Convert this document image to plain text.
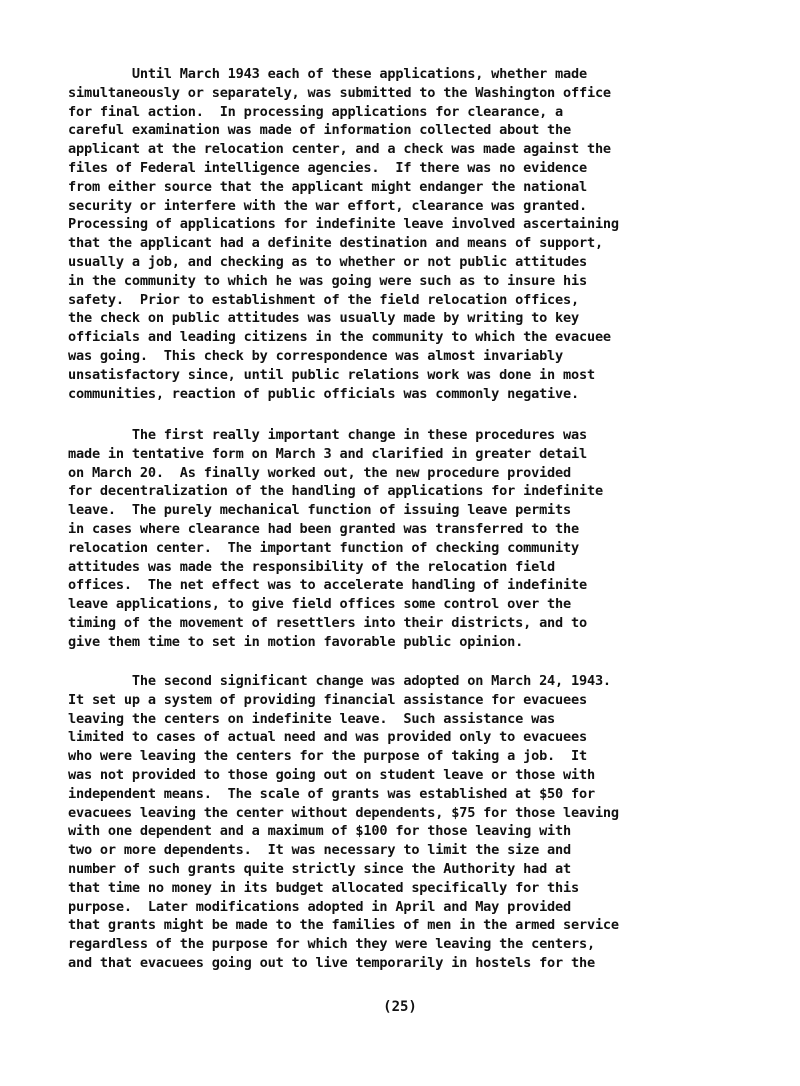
Until March 1943 each of these applications, whether made
simultaneously or separately, was submitted to the Washington office
for final action.  In processing applications for clearance, a
careful examination was made of information collected about the
applicant at the relocation center, and a check was made against the
files of Federal intelligence agencies.  If there was no evidence
from either source that the applicant might endanger the national
security or interfere with the war effort, clearance was granted.
Processing of applications for indefinite leave involved ascertaining
that the applicant had a definite destination and means of support,
usually a job, and checking as to whether or not public attitudes
in the community to which he was going were such as to insure his
safety.  Prior to establishment of the field relocation offices,
the check on public attitudes was usually made by writing to key
officials and leading citizens in the community to which the evacuee
was going.  This check by correspondence was almost invariably
unsatisfactory since, until public relations work was done in most
communities, reaction of public officials was commonly negative.
The first really important change in these procedures was
made in tentative form on March 3 and clarified in greater detail
on March 20.  As finally worked out, the new procedure provided
for decentralization of the handling of applications for indefinite
leave.  The purely mechanical function of issuing leave permits
in cases where clearance had been granted was transferred to the
relocation center.  The important function of checking community
attitudes was made the responsibility of the relocation field
offices.  The net effect was to accelerate handling of indefinite
leave applications, to give field offices some control over the
timing of the movement of resettlers into their districts, and to
give them time to set in motion favorable public opinion.
The second significant change was adopted on March 24, 1943.
It set up a system of providing financial assistance for evacuees
leaving the centers on indefinite leave.  Such assistance was
limited to cases of actual need and was provided only to evacuees
who were leaving the centers for the purpose of taking a job.  It
was not provided to those going out on student leave or those with
independent means.  The scale of grants was established at $50 for
evacuees leaving the center without dependents, $75 for those leaving
with one dependent and a maximum of $100 for those leaving with
two or more dependents.  It was necessary to limit the size and
number of such grants quite strictly since the Authority had at
that time no money in its budget allocated specifically for this
purpose.  Later modifications adopted in April and May provided
that grants might be made to the families of men in the armed service
regardless of the purpose for which they were leaving the centers,
and that evacuees going out to live temporarily in hostels for the
(25)
